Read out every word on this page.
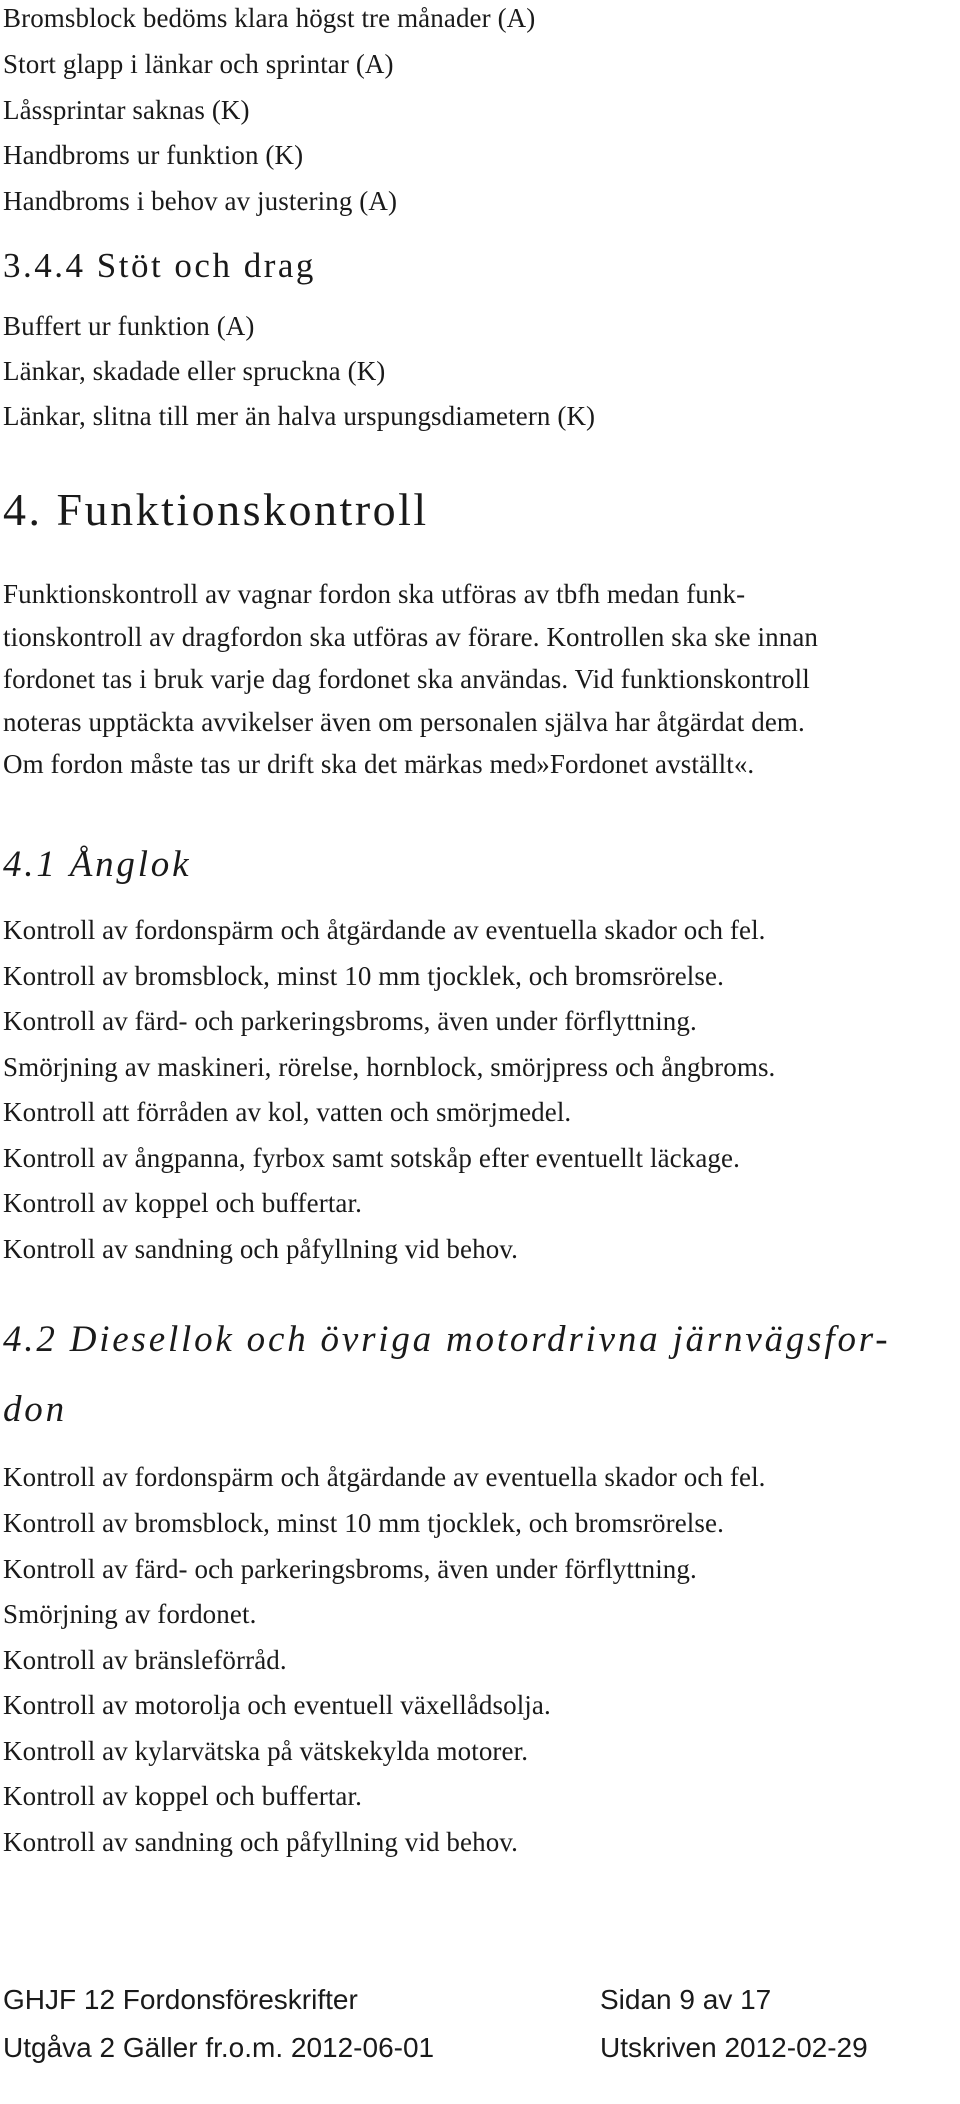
Bromsblock bedöms klara högst tre månader (A)
Stort glapp i länkar och sprintar (A)
Låssprintar saknas (K)
Handbroms ur funktion (K)
Handbroms i behov av justering (A)
3.4.4 Stöt och drag
Buffert ur funktion (A)
Länkar, skadade eller spruckna (K)
Länkar, slitna till mer än halva urspungsdiametern (K)
4. Funktionskontroll
Funktionskontroll av vagnar fordon ska utföras av tbfh medan funk-
tionskontroll av dragfordon ska utföras av förare. Kontrollen ska ske innan
fordonet tas i bruk varje dag fordonet ska användas. Vid funktionskontroll
noteras upptäckta avvikelser även om personalen själva har åtgärdat dem.
Om fordon måste tas ur drift ska det märkas med»Fordonet avställt«.
4.1 Ånglok
Kontroll av fordonspärm och åtgärdande av eventuella skador och fel.
Kontroll av bromsblock, minst 10 mm tjocklek, och bromsrörelse.
Kontroll av färd- och parkeringsbroms, även under förflyttning.
Smörjning av maskineri, rörelse, hornblock, smörjpress och ångbroms.
Kontroll att förråden av kol, vatten och smörjmedel.
Kontroll av ångpanna, fyrbox samt sotskåp efter eventuellt läckage.
Kontroll av koppel och buffertar.
Kontroll av sandning och påfyllning vid behov.
4.2 Diesellok och övriga motordrivna järnvägsfor-
don
Kontroll av fordonspärm och åtgärdande av eventuella skador och fel.
Kontroll av bromsblock, minst 10 mm tjocklek, och bromsrörelse.
Kontroll av färd- och parkeringsbroms, även under förflyttning.
Smörjning av fordonet.
Kontroll av bränsleförråd.
Kontroll av motorolja och eventuell växellådsolja.
Kontroll av kylarvätska på vätskekylda motorer.
Kontroll av koppel och buffertar.
Kontroll av sandning och påfyllning vid behov.
GHJF 12 Fordonsföreskrifter	Sidan 9 av 17
Utgåva 2 Gäller fr.o.m. 2012-06-01	Utskriven 2012-02-29
